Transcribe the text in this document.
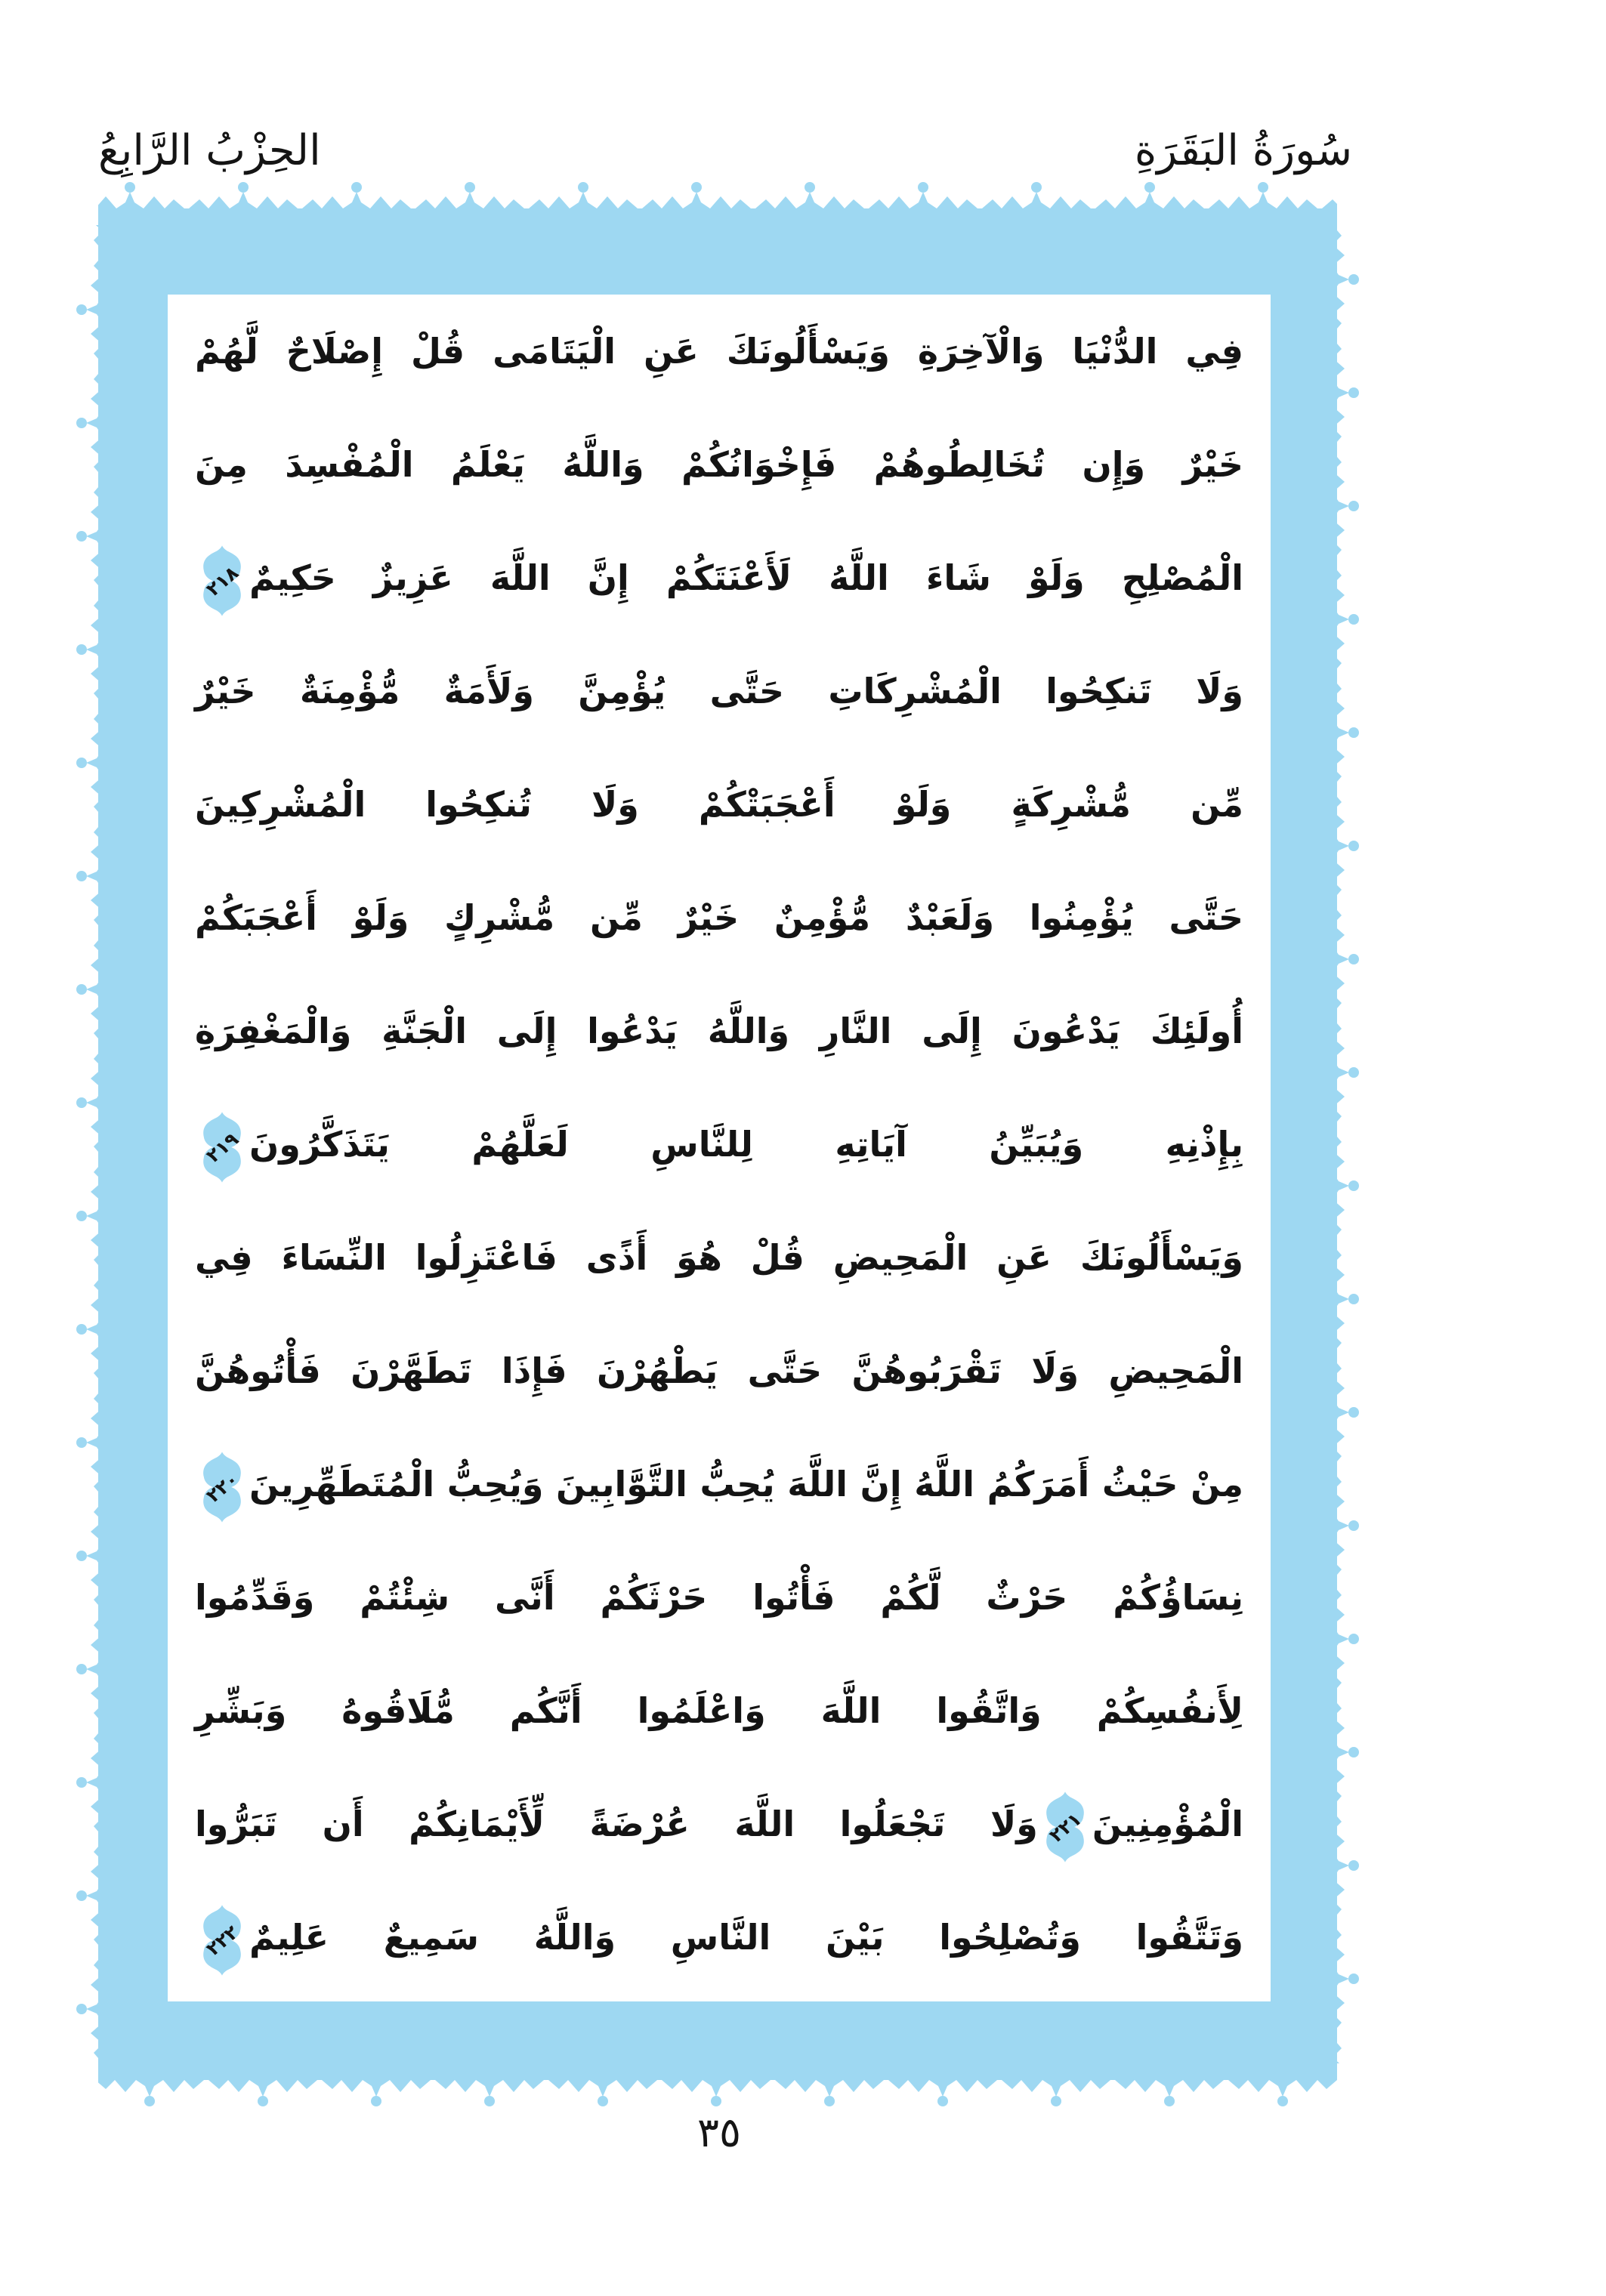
الحِزْبُ الرَّابِعُ	سُورَةُ البَقَرَةِ
فِي الدُّنْيَا وَالْآخِرَةِ وَيَسْأَلُونَكَ عَنِ الْيَتَامَى قُلْ إِصْلَاحٌ لَّهُمْ
خَيْرٌ وَإِن تُخَالِطُوهُمْ فَإِخْوَانُكُمْ وَاللَّهُ يَعْلَمُ الْمُفْسِدَ مِنَ
الْمُصْلِحِ وَلَوْ شَاءَ اللَّهُ لَأَعْنَتَكُمْ إِنَّ اللَّهَ عَزِيزٌ حَكِيمٌ
٢١٨
وَلَا تَنكِحُوا الْمُشْرِكَاتِ حَتَّى يُؤْمِنَّ وَلَأَمَةٌ مُّؤْمِنَةٌ خَيْرٌ
مِّن مُّشْرِكَةٍ وَلَوْ أَعْجَبَتْكُمْ وَلَا تُنكِحُوا الْمُشْرِكِينَ
حَتَّى يُؤْمِنُوا وَلَعَبْدٌ مُّؤْمِنٌ خَيْرٌ مِّن مُّشْرِكٍ وَلَوْ أَعْجَبَكُمْ
أُولَئِكَ يَدْعُونَ إِلَى النَّارِ وَاللَّهُ يَدْعُوا إِلَى الْجَنَّةِ وَالْمَغْفِرَةِ
بِإِذْنِهِ وَيُبَيِّنُ آيَاتِهِ لِلنَّاسِ لَعَلَّهُمْ يَتَذَكَّرُونَ
٢١٩
وَيَسْأَلُونَكَ عَنِ الْمَحِيضِ قُلْ هُوَ أَذًى فَاعْتَزِلُوا النِّسَاءَ فِي
الْمَحِيضِ وَلَا تَقْرَبُوهُنَّ حَتَّى يَطْهُرْنَ فَإِذَا تَطَهَّرْنَ فَأْتُوهُنَّ
مِنْ حَيْثُ أَمَرَكُمُ اللَّهُ إِنَّ اللَّهَ يُحِبُّ التَّوَّابِينَ وَيُحِبُّ الْمُتَطَهِّرِينَ
٢٢٠
نِسَاؤُكُمْ حَرْثٌ لَّكُمْ فَأْتُوا حَرْثَكُمْ أَنَّى شِئْتُمْ وَقَدِّمُوا
لِأَنفُسِكُمْ وَاتَّقُوا اللَّهَ وَاعْلَمُوا أَنَّكُم مُّلَاقُوهُ وَبَشِّرِ
الْمُؤْمِنِينَ
٢٢١
وَلَا تَجْعَلُوا اللَّهَ عُرْضَةً لِّأَيْمَانِكُمْ أَن تَبَرُّوا
وَتَتَّقُوا وَتُصْلِحُوا بَيْنَ النَّاسِ وَاللَّهُ سَمِيعٌ عَلِيمٌ
٢٢٢
٣٥
